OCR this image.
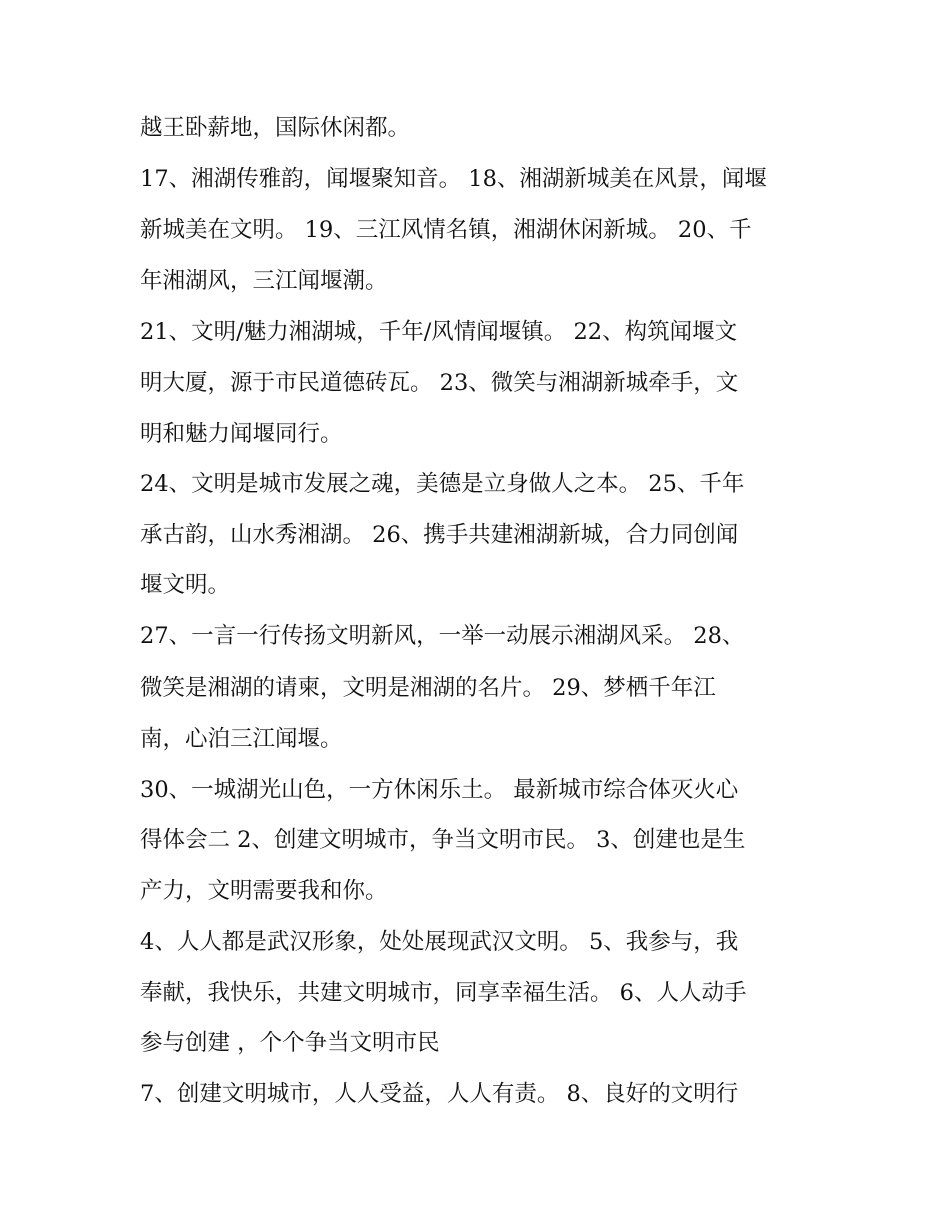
越王卧薪地，国际休闲都。
17、湘湖传雅韵，闻堰聚知音。 18、湘湖新城美在风景，闻堰
新城美在文明。 19、三江风情名镇，湘湖休闲新城。 20、千
年湘湖风，三江闻堰潮。
21、文明/魅力湘湖城，千年/风情闻堰镇。 22、构筑闻堰文
明大厦，源于市民道德砖瓦。 23、微笑与湘湖新城牵手，文
明和魅力闻堰同行。
24、文明是城市发展之魂，美德是立身做人之本。 25、千年
承古韵，山水秀湘湖。 26、携手共建湘湖新城，合力同创闻
堰文明。
27、一言一行传扬文明新风，一举一动展示湘湖风采。 28、
微笑是湘湖的请柬，文明是湘湖的名片。 29、梦栖千年江
南，心泊三江闻堰。
30、一城湖光山色，一方休闲乐土。 最新城市综合体灭火心
得体会二 2、创建文明城市，争当文明市民。 3、创建也是生
产力，文明需要我和你。
4、人人都是武汉形象，处处展现武汉文明。 5、我参与，我
奉献，我快乐，共建文明城市，同享幸福生活。 6、人人动手
参与创建 ，个个争当文明市民
7、创建文明城市，人人受益，人人有责。 8、良好的文明行
